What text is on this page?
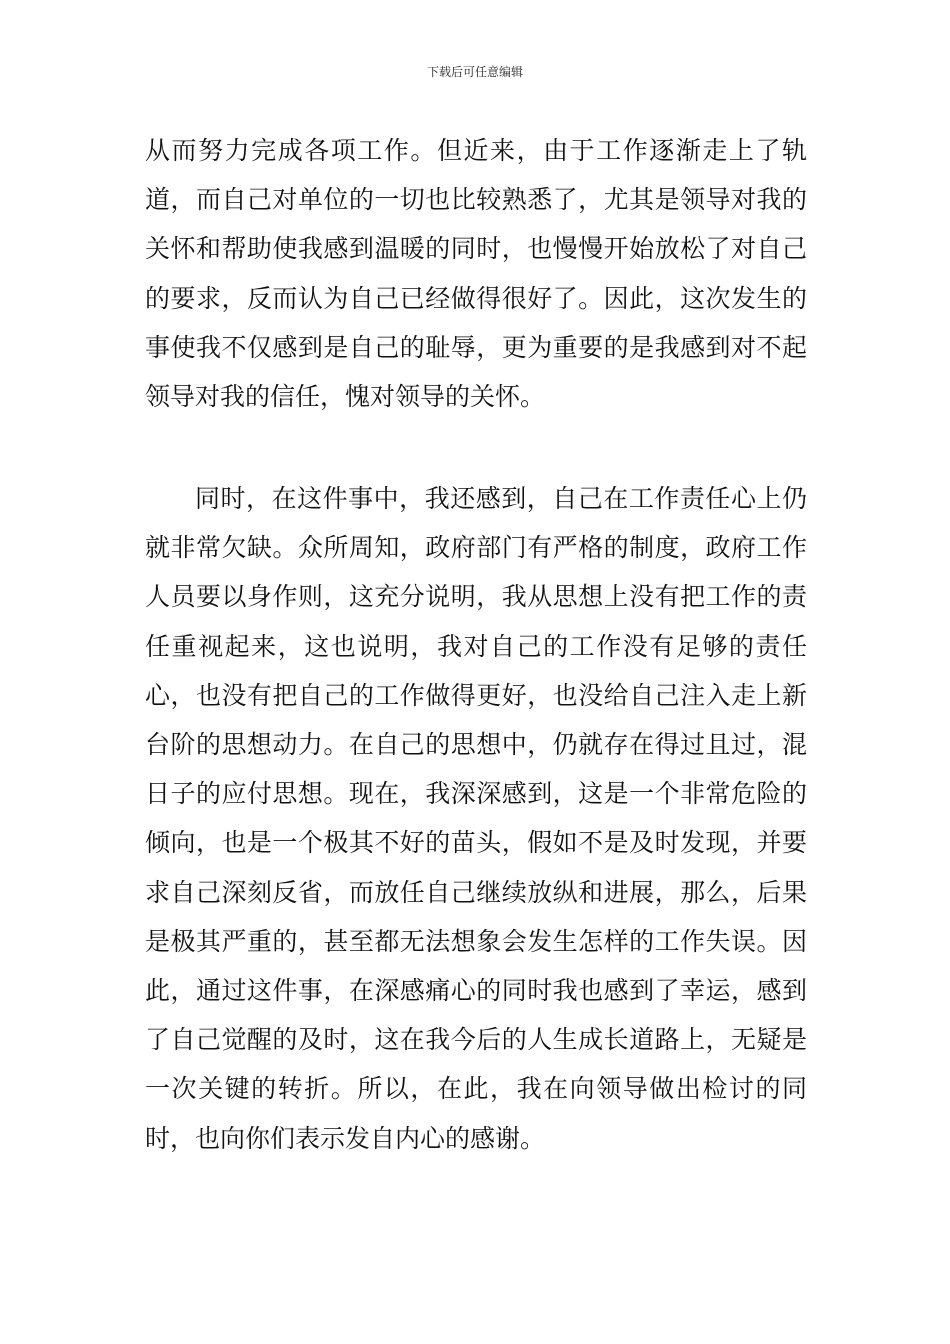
下载后可任意编辑

从而努力完成各项工作。但近来，由于工作逐渐走上了轨道，而自己对单位的一切也比较熟悉了，尤其是领导对我的关怀和帮助使我感到温暖的同时，也慢慢开始放松了对自己的要求，反而认为自己已经做得很好了。因此，这次发生的事使我不仅感到是自己的耻辱，更为重要的是我感到对不起领导对我的信任，愧对领导的关怀。

同时，在这件事中，我还感到，自己在工作责任心上仍就非常欠缺。众所周知，政府部门有严格的制度，政府工作人员要以身作则，这充分说明，我从思想上没有把工作的责任重视起来，这也说明，我对自己的工作没有足够的责任心，也没有把自己的工作做得更好，也没给自己注入走上新台阶的思想动力。在自己的思想中，仍就存在得过且过，混日子的应付思想。现在，我深深感到，这是一个非常危险的倾向，也是一个极其不好的苗头，假如不是及时发现，并要求自己深刻反省，而放任自己继续放纵和进展，那么，后果是极其严重的，甚至都无法想象会发生怎样的工作失误。因此，通过这件事，在深感痛心的同时我也感到了幸运，感到了自己觉醒的及时，这在我今后的人生成长道路上，无疑是一次关键的转折。所以，在此，我在向领导做出检讨的同时，也向你们表示发自内心的感谢。
